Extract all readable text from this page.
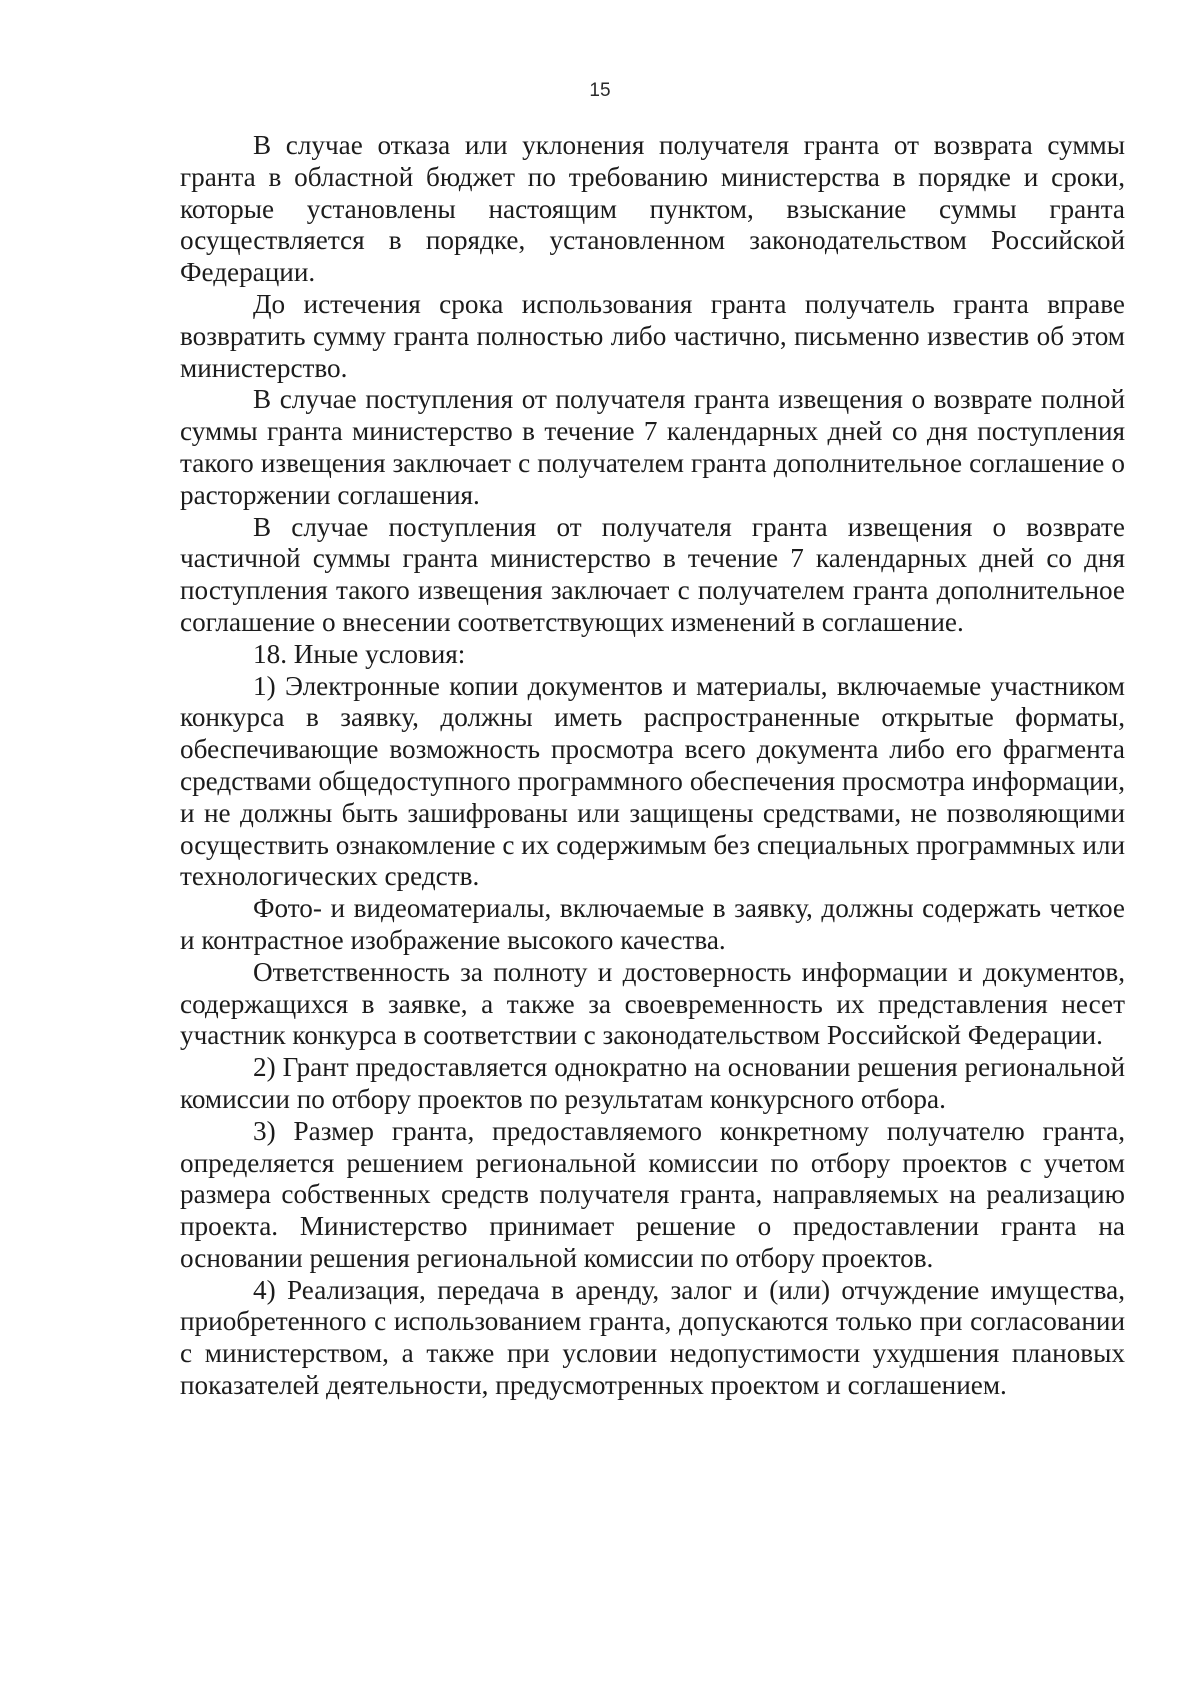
15

В случае отказа или уклонения получателя гранта от возврата суммы гранта в областной бюджет по требованию министерства в порядке и сроки, которые установлены настоящим пунктом, взыскание суммы гранта осуществляется в порядке, установленном законодательством Российской Федерации.

До истечения срока использования гранта получатель гранта вправе возвратить сумму гранта полностью либо частично, письменно известив об этом министерство.

В случае поступления от получателя гранта извещения о возврате полной суммы гранта министерство в течение 7 календарных дней со дня поступления такого извещения заключает с получателем гранта дополнительное соглашение о расторжении соглашения.

В случае поступления от получателя гранта извещения о возврате частичной суммы гранта министерство в течение 7 календарных дней со дня поступления такого извещения заключает с получателем гранта дополнительное соглашение о внесении соответствующих изменений в соглашение.

18. Иные условия:

1) Электронные копии документов и материалы, включаемые участником конкурса в заявку, должны иметь распространенные открытые форматы, обеспечивающие возможность просмотра всего документа либо его фрагмента средствами общедоступного программного обеспечения просмотра информации, и не должны быть зашифрованы или защищены средствами, не позволяющими осуществить ознакомление с их содержимым без специальных программных или технологических средств.

Фото- и видеоматериалы, включаемые в заявку, должны содержать четкое и контрастное изображение высокого качества.

Ответственность за полноту и достоверность информации и документов, содержащихся в заявке, а также за своевременность их представления несет участник конкурса в соответствии с законодательством Российской Федерации.

2) Грант предоставляется однократно на основании решения региональной комиссии по отбору проектов по результатам конкурсного отбора.

3) Размер гранта, предоставляемого конкретному получателю гранта, определяется решением региональной комиссии по отбору проектов с учетом размера собственных средств получателя гранта, направляемых на реализацию проекта. Министерство принимает решение о предоставлении гранта на основании решения региональной комиссии по отбору проектов.

4) Реализация, передача в аренду, залог и (или) отчуждение имущества, приобретенного с использованием гранта, допускаются только при согласовании с министерством, а также при условии недопустимости ухудшения плановых показателей деятельности, предусмотренных проектом и соглашением.
